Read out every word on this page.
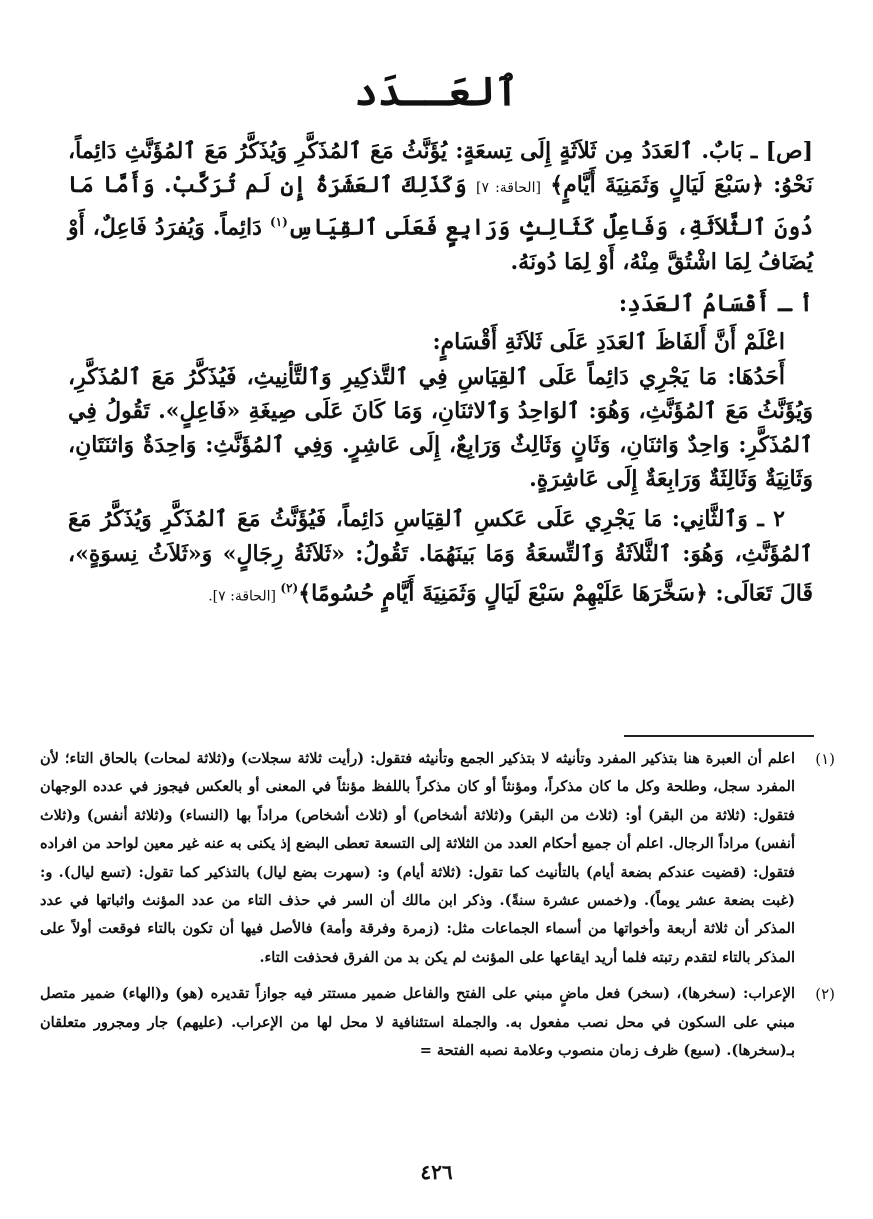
ٱلعَــدَد

[ص] ـ بَابٌ. ٱلعَدَدُ مِن ثَلاَثَةٍ إِلَى تِسعَةٍ: يُؤَنَّثُ مَعَ ٱلمُذَكَّرِ وَيُذَكَّرُ مَعَ ٱلمُؤَنَّثِ دَائِماً، نَحْوُ: ﴿سَبْعَ لَيَالٍ وَثَمَنِيَةَ أَيَّامٍ﴾ [الحاقة: ٧] وَكَذَلِكَ ٱلعَشَرَةُ إِن لَم تُرَكَّبْ. وَأَمَّا مَا دُونَ ٱلثَّلاَثَةِ، وَفَاعِلٌ كَثَالِثٍ وَرَابِعٍ فَعَلَى ٱلقِيَاسِ$^{(١)}$ دَائِماً. وَيُفرَدُ فَاعِلٌ، أَوْ يُضَافُ لِمَا اشْتُقَّ مِنْهُ، أَوْ لِمَا دُونَهُ.

أ ـ أَقْسَامُ ٱلعَدَدِ:

اعْلَمْ أَنَّ أَلفَاظَ ٱلعَدَدِ عَلَى ثَلاَثَةِ أَقْسَامٍ:

أَحَدُهَا: مَا يَجْرِي دَائِماً عَلَى ٱلقِيَاسِ فِي ٱلتَّذكِيرِ وَٱلتَّأنِيثِ، فَيُذَكَّرُ مَعَ ٱلمُذَكَّرِ، وَيُؤَنَّثُ مَعَ ٱلمُؤَنَّثِ، وَهُوَ: ٱلوَاحِدُ وَٱلاثنَانِ، وَمَا كَانَ عَلَى صِيغَةِ «فَاعِلٍ». تَقُولُ فِي ٱلمُذَكَّرِ: وَاحِدٌ وَاثنَانِ، وَثَانٍ وَثَالِثٌ وَرَابِعٌ، إِلَى عَاشِرٍ. وَفِي ٱلمُؤَنَّثِ: وَاحِدَةٌ وَاثنَتَانِ، وَثَانِيَةٌ وَثَالِثَةٌ وَرَابِعَةٌ إِلَى عَاشِرَةٍ.

٢ ـ وَٱلثَّانِي: مَا يَجْرِي عَلَى عَكسِ ٱلقِيَاسِ دَائِماً، فَيُؤَنَّثُ مَعَ ٱلمُذَكَّرِ وَيُذَكَّرُ مَعَ ٱلمُؤَنَّثِ، وَهُوَ: ٱلثَّلاَثَةُ وَٱلتِّسعَةُ وَمَا بَينَهُمَا. تَقُولُ: «ثَلاَثَةُ رِجَالٍ» وَ«ثَلاَثُ نِسوَةٍ»، قَالَ تَعَالَى: ﴿سَخَّرَهَا عَلَيْهِمْ سَبْعَ لَيَالٍ وَثَمَنِيَةَ أَيَّامٍ حُسُومًا﴾$^{(٢)}$ [الحاقة: ٧].

(١)
اعلم أن العبرة هنا بتذكير المفرد وتأنيثه لا بتذكير الجمع وتأنيثه فتقول: (رأيت ثلاثة سجلات) و(ثلاثة لمحات) بالحاق التاء؛ لأن المفرد سجل، وطلحة وكل ما كان مذكراً، ومؤنثاً أو كان مذكراً باللفظ مؤنثاً في المعنى أو بالعكس فيجوز في عدده الوجهان فتقول: (ثلاثة من البقر) أو: (ثلاث من البقر) و(ثلاثة أشخاص) أو (ثلاث أشخاص) مراداً بها (النساء) و(ثلاثة أنفس) و(ثلاث أنفس) مراداً الرجال. اعلم أن جميع أحكام العدد من الثلاثة إلى التسعة تعطى البضع إذ يكنى به عنه غير معين لواحد من افراده فتقول: (قضيت عندكم بضعة أيام) بالتأنيث كما تقول: (ثلاثة أيام) و: (سهرت بضع ليال) بالتذكير كما تقول: (تسع ليال). و: (غبت بضعة عشر يوماً). و(خمس عشرة سنةً). وذكر ابن مالك أن السر في حذف التاء من عدد المؤنث واثباتها في عدد المذكر أن ثلاثة أربعة وأخواتها من أسماء الجماعات مثل: (زمرة وفرقة وأمة) فالأصل فيها أن تكون بالتاء فوقعت أولاً على المذكر بالتاء لتقدم رتبته فلما أريد ايقاعها على المؤنث لم يكن بد من الفرق فحذفت التاء.
(٢)
الإعراب: (سخرها)، (سخر) فعل ماضٍ مبني على الفتح والفاعل ضمير مستتر فيه جوازاً تقديره (هو) و(الهاء) ضمير متصل مبني على السكون في محل نصب مفعول به. والجملة استئنافية لا محل لها من الإعراب. (عليهم) جار ومجرور متعلقان بـ(سخرها). (سبع) ظرف زمان منصوب وعلامة نصبه الفتحة =
٤٢٦
